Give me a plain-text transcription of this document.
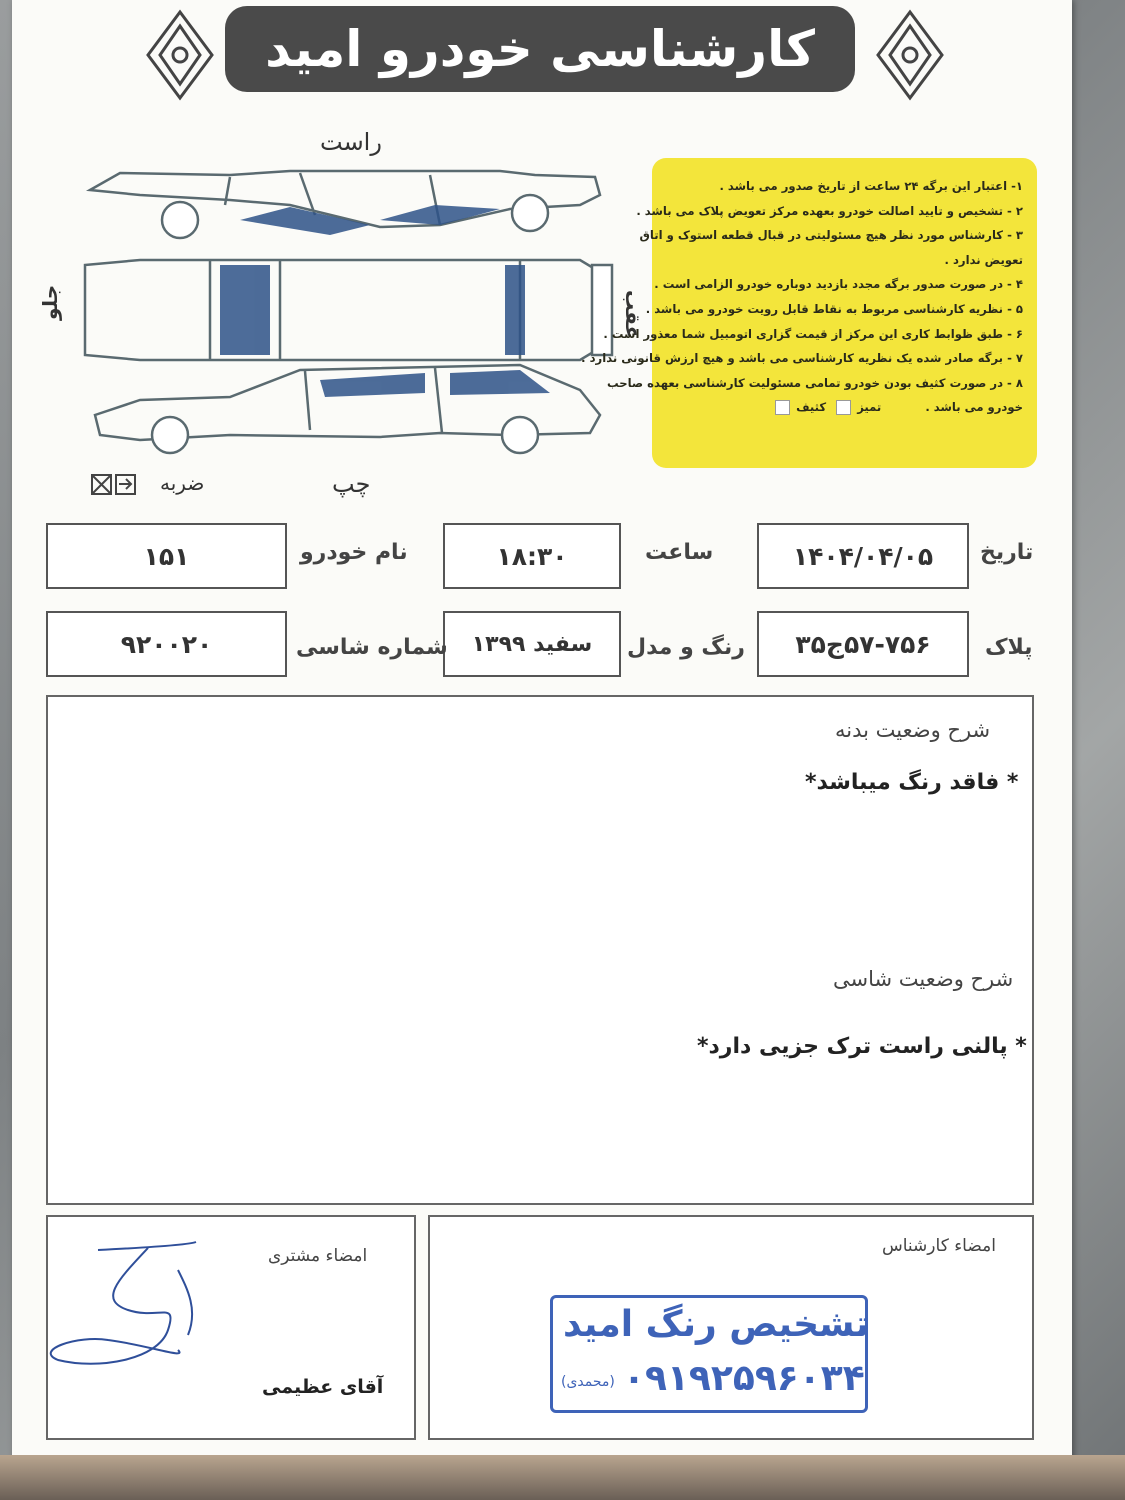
کارشناسی خودرو امید
راست
جلو	عقب
چپ
ضربه
۱- اعتبار این برگه ۲۴ ساعت از تاریخ صدور می باشد .
۲ - تشخیص و تایید اصالت خودرو بعهده مرکز تعویض پلاک می باشد .
۳ - کارشناس مورد نظر هیچ مسئولیتی در قبال قطعه استوک و اتاق
تعویض ندارد .
۴ - در صورت صدور برگه مجدد بازدید دوباره خودرو الزامی است .
۵ - نظریه کارشناسی مربوط به نقاط قابل رویت خودرو می باشد .
۶ - طبق ظوابط کاری این مرکز از قیمت گزاری اتومبیل شما معذور است .
۷ - برگه صادر شده یک نظریه کارشناسی می باشد و هیچ ارزش قانونی ندارد .
۸ - در صورت کثیف بودن خودرو تمامی مسئولیت کارشناسی بعهده صاحب
خودرو می باشد . تمیز کثیف
تاریخ
۱۴۰۴/۰۴/۰۵
ساعت
۱۸:۳۰
نام خودرو
۱۵۱
پلاک
۵۷-۷۵۶ج۳۵
رنگ و مدل
سفید ۱۳۹۹
شماره شاسی
۹۲۰۰۲۰
شرح وضعیت بدنه
* فاقد رنگ میباشد*
شرح وضعیت شاسی
* پالنی راست ترک جزیی دارد*
امضاء کارشناس
تشخیص رنگ امید
۰۹۱۹۲۵۹۶۰۳۴
(محمدی)
امضاء مشتری
آقای عظیمی
